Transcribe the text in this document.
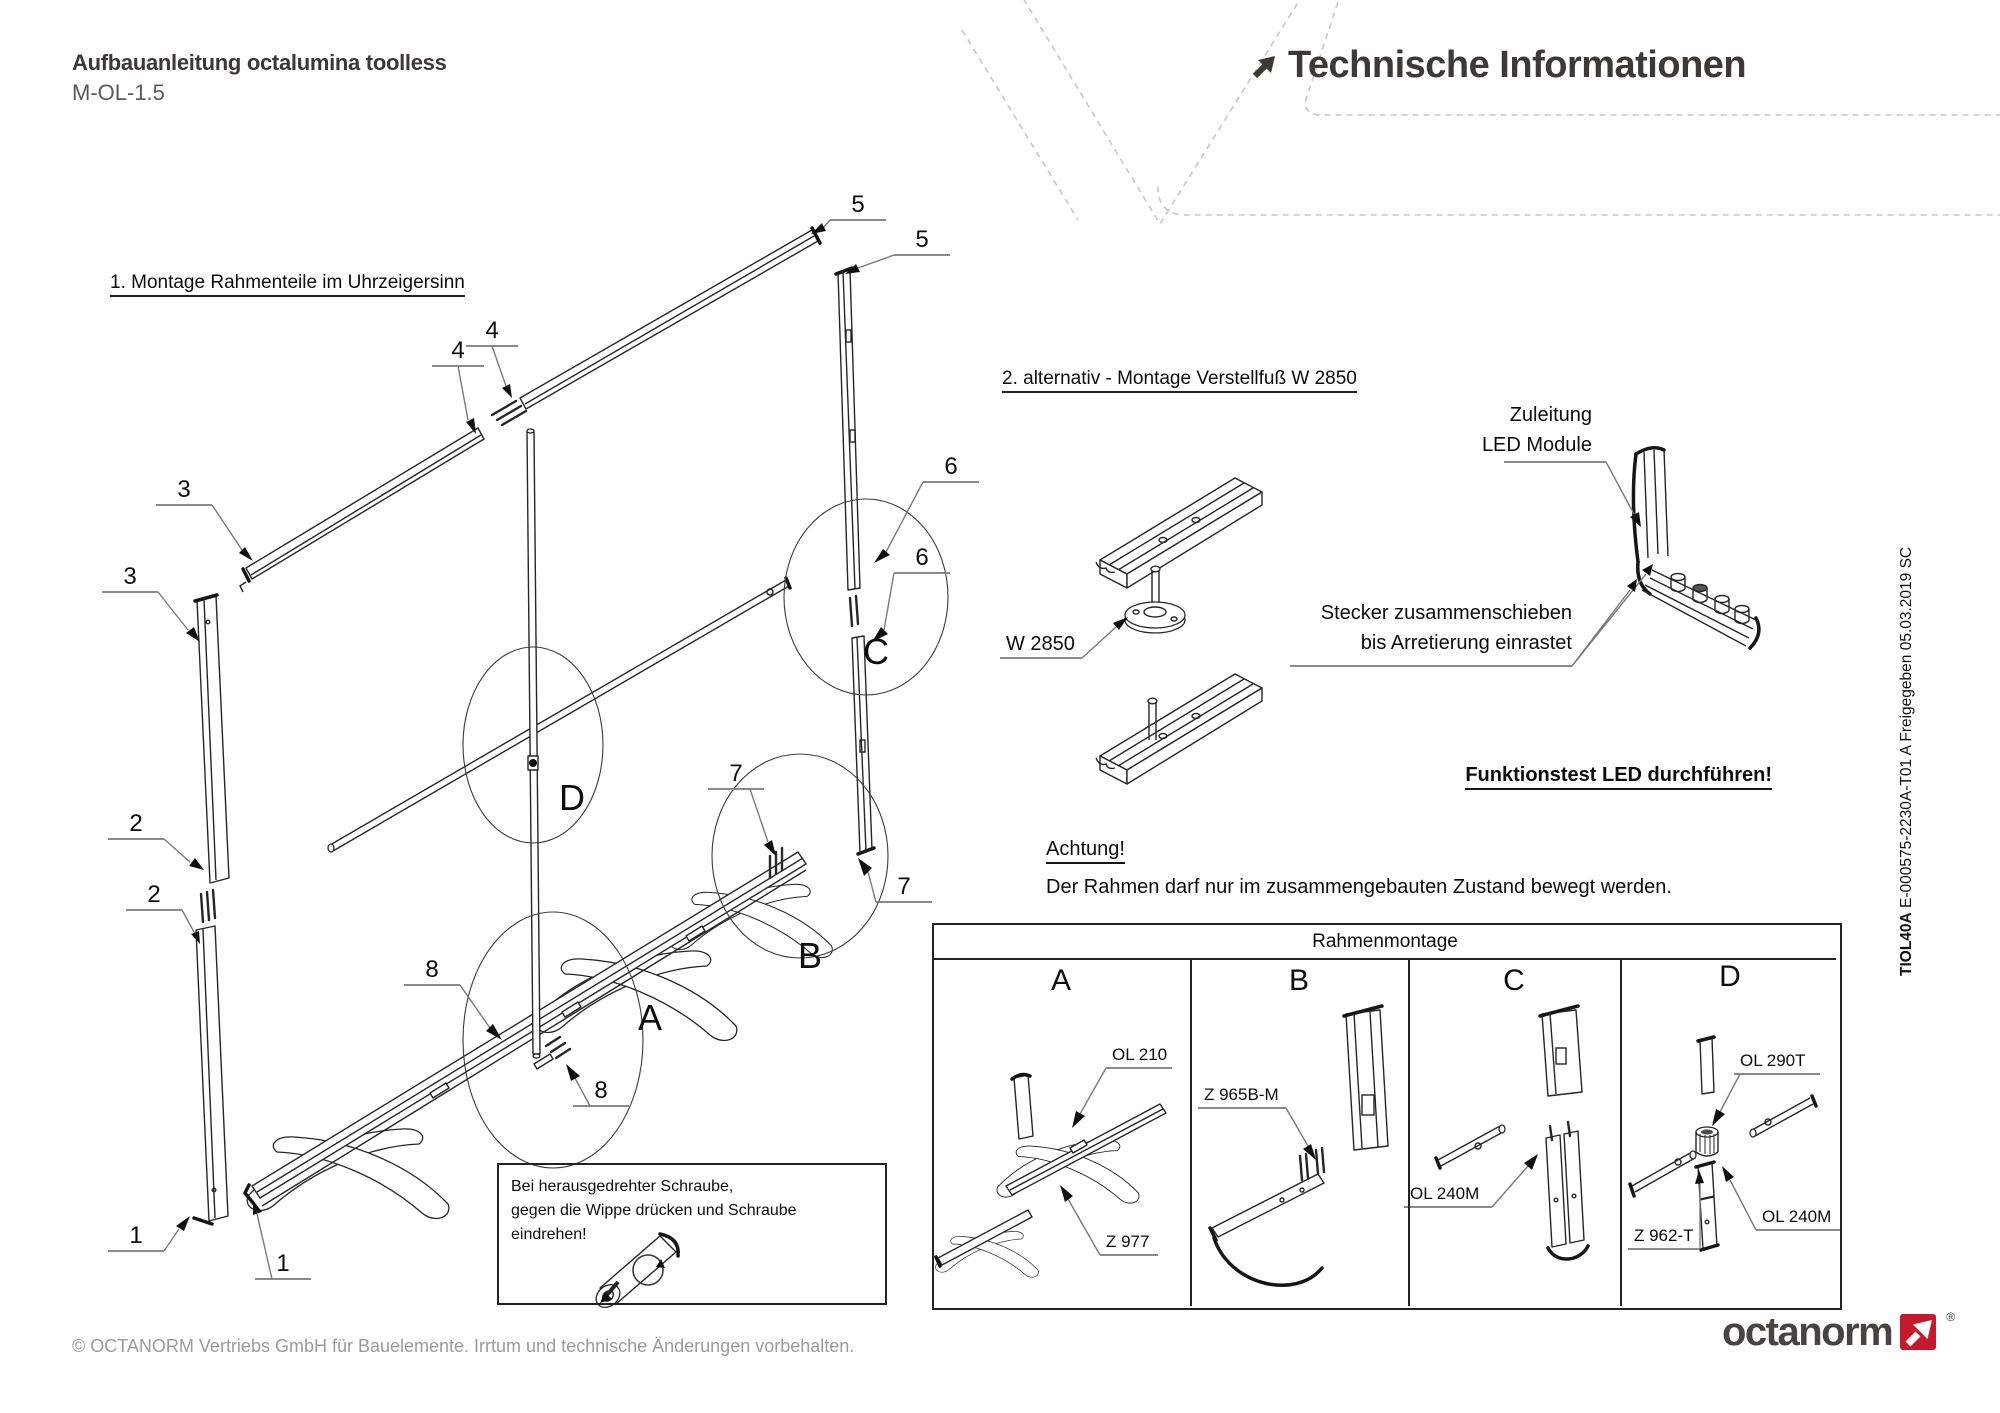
5
5
4
4
3
3
2
2
1
1
6
6
7
7
8
8
A
B
C
D
W 2850
OL 210
Z 977
Z 965B-M
OL 240M
OL 290T
Z 962-T
OL 240M
Aufbauanleitung octalumina toolless
M-OL-1.5
Technische Informationen
1. Montage Rahmenteile im Uhrzeigersinn
2. alternativ - Montage Verstellfuß W 2850
Zuleitung
LED Module
Stecker zusammenschieben
bis Arretierung einrastet
Funktionstest LED durchführen!
Achtung!
Der Rahmen darf nur im zusammengebauten Zustand bewegt werden.
Rahmenmontage
A	B	C	D
Bei herausgedrehter Schraube,
gegen die Wippe drücken und Schraube eindrehen!
TIOL40A E-000575-2230A-T01 A Freigegeben 05.03.2019 SC
© OCTANORM Vertriebs GmbH für Bauelemente. Irrtum und technische Änderungen vorbehalten.	octanorm	®
